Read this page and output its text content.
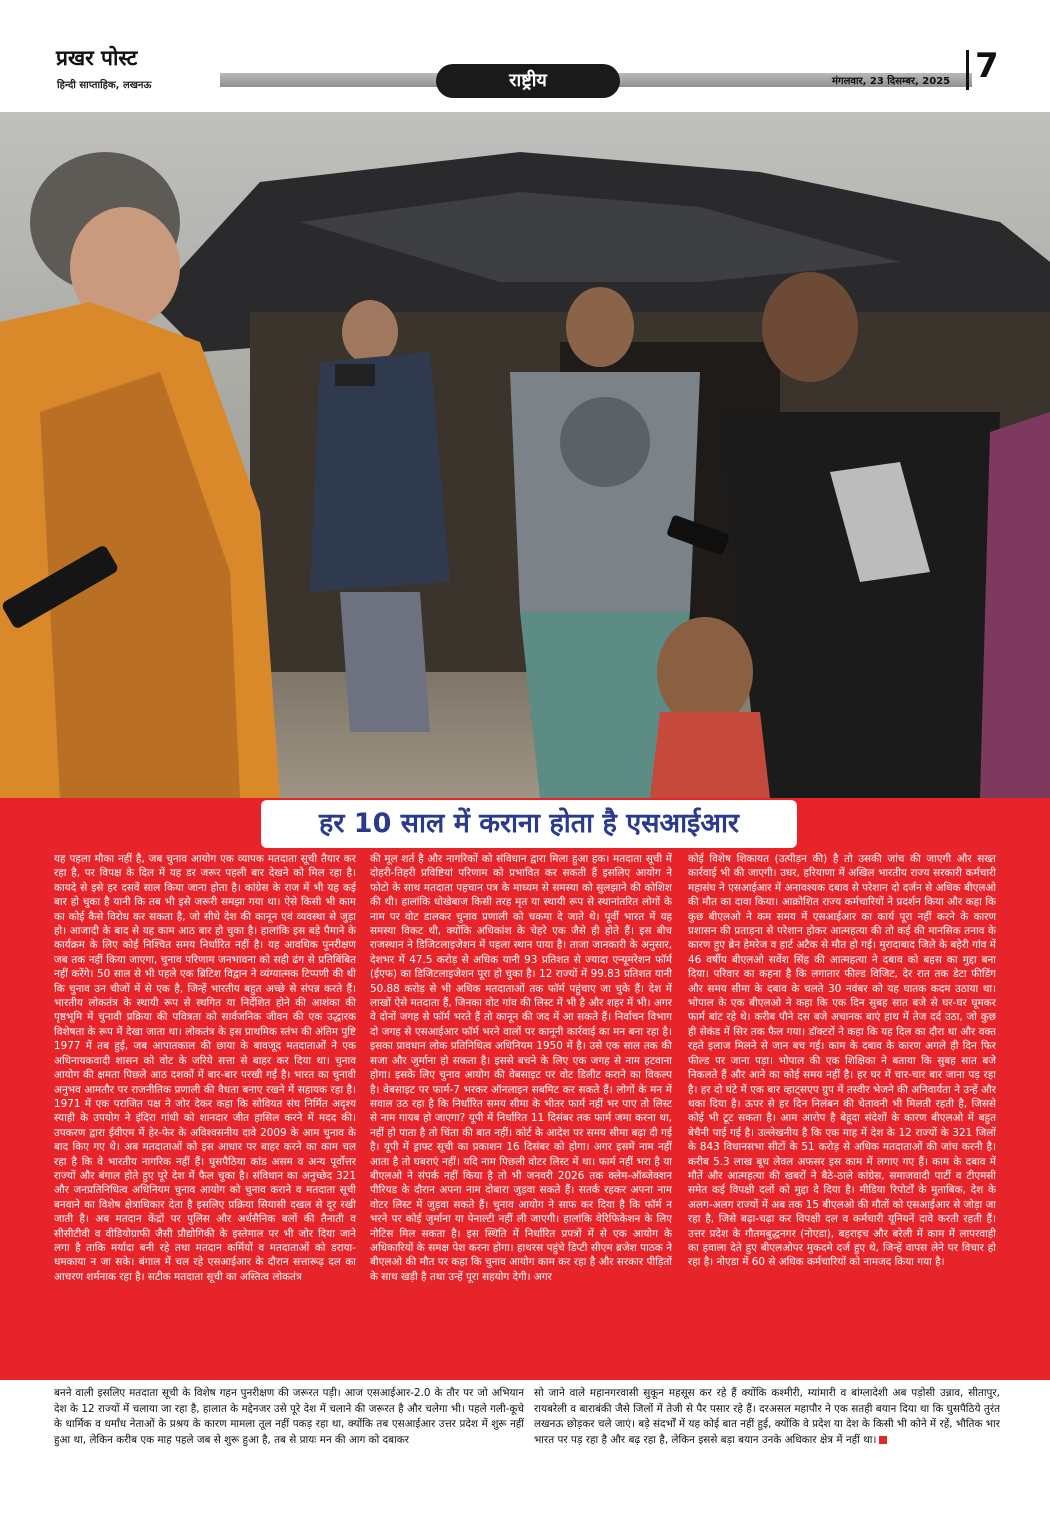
प्रखर पोस्ट
हिन्दी साप्ताहिक, लखनऊ	राष्ट्रीय	मंगलवार, 23 दिसम्बर, 2025 7
हर 10 साल में कराना होता है एसआईआर
यह पहला मौका नहीं है, जब चुनाव आयोग एक व्यापक मतदाता सूची तैयार कर रहा है, पर विपक्ष के दिल में यह डर जरूर पहली बार देखने को मिल रहा है। कायदे से इसे हर दसवें साल किया जाना होता है। कांग्रेस के राज में भी यह कई बार हो चुका है यानी कि तब भी इसे जरूरी समझा गया था। ऐसे किसी भी काम का कोई कैसे विरोध कर सकता है, जो सीधे देश की कानून एवं व्यवस्था से जुड़ा हो। आजादी के बाद से यह काम आठ बार हो चुका है। हालांकि इस बड़े पैमाने के कार्यक्रम के लिए कोई निश्चित समय निर्धारित नहीं है। यह आवधिक पुनरीक्षण जब तक नहीं किया जाएगा, चुनाव परिणाम जनभावना को सही ढंग से प्रतिबिंबित नहीं करेंगे। 50 साल से भी पहले एक ब्रिटिश विद्वान ने व्यंग्यात्मक टिप्पणी की थी कि चुनाव उन चीजों में से एक है, जिन्हें भारतीय बहुत अच्छे से संपन्न करते हैं। भारतीय लोकतंत्र के स्थायी रूप से स्थगित या निर्देशित होने की आशंका की पृष्ठभूमि में चुनावी प्रक्रिया की पवित्रता को सार्वजनिक जीवन की एक उद्धारक विशेषता के रूप में देखा जाता था। लोकतंत्र के इस प्राथमिक स्तंभ की अंतिम पुष्टि 1977 में तब हुई, जब आपातकाल की छाया के बावजूद मतदाताओं ने एक अधिनायकवादी शासन को वोट के जरिये सत्ता से बाहर कर दिया था। चुनाव आयोग की क्षमता पिछले आठ दशकों में बार-बार परखी गई है। भारत का चुनावी अनुभव आमतौर पर राजनीतिक प्रणाली की वैधता बनाए रखने में सहायक रहा है। 1971 में एक पराजित पक्ष ने जोर देकर कहा कि सोवियत संघ निर्मित अदृश्य स्याही के उपयोग ने इंदिरा गांधी को शानदार जीत हासिल करने में मदद की। उपकरण द्वारा ईवीएम में हेर-फेर के अविश्वसनीय दावे 2009 के आम चुनाव के बाद किए गए थे। अब मतदाताओं को इस आधार पर बाहर करने का काम चल रहा है कि वे भारतीय नागरिक नहीं हैं। घुसपैठिया कांड असम व अन्य पूर्वोत्तर राज्यों और बंगाल होते हुए पूरे देश में फैल चुका है। संविधान का अनुच्छेद 321 और जनप्रतिनिधित्व अधिनियम चुनाव आयोग को चुनाव कराने व मतदाता सूची बनवाने का विशेष क्षेत्राधिकार देता है इसलिए प्रक्रिया सियासी दखल से दूर रखी जाती है। अब मतदान केंद्रों पर पुलिस और अर्धसैनिक बलों की तैनाती व सीसीटीवी व वीडियोग्राफी जैसी प्रौद्योगिकी के इस्तेमाल पर भी जोर दिया जाने लगा है ताकि मर्यादा बनी रहे तथा मतदान कर्मियों व मतदाताओं को डराया-धमकाया न जा सके। बंगाल में चल रहे एसआईआर के दौरान सत्तारूढ़ दल का आचरण शर्मनाक रहा है। सटीक मतदाता सूची का अस्तित्व लोकतंत्र
की मूल शर्त है और नागरिकों को संविधान द्वारा मिला हुआ हक। मतदाता सूची में दोहरी-तिहरी प्रविष्टियां परिणाम को प्रभावित कर सकती हैं इसलिए आयोग ने फोटो के साथ मतदाता पहचान पत्र के माध्यम से समस्या को सुलझाने की कोशिश की थी। हालांकि धोखेबाज किसी तरह मृत या स्थायी रूप से स्थानांतरित लोगों के नाम पर वोट डालकर चुनाव प्रणाली को चकमा दे जाते थे। पूर्वी भारत में यह समस्या विकट थी, क्योंकि अधिकांश के चेहरे एक जैसे ही होते हैं। इस बीच राजस्थान ने डिजिटलाइजेशन में पहला स्थान पाया है। ताजा जानकारी के अनुसार, देशभर में 47.5 करोड़ से अधिक यानी 93 प्रतिशत से ज्यादा एन्यूमरेशन फॉर्म (ईएफ) का डिजिटलाइजेशन पूरा हो चुका है। 12 राज्यों में 99.83 प्रतिशत यानी 50.88 करोड़ से भी अधिक मतदाताओं तक फॉर्म पहुंचाए जा चुके हैं। देश में लाखों ऐसे मतदाता हैं, जिनका वोट गांव की लिस्ट में भी है और शहर में भी। अगर वे दोनों जगह से फॉर्म भरते हैं तो कानून की जद में आ सकते हैं। निर्वाचन विभाग दो जगह से एसआईआर फॉर्म भरने वालों पर कानूनी कार्रवाई का मन बना रहा है। इसका प्रावधान लोक प्रतिनिधित्व अधिनियम 1950 में है। उसे एक साल तक की सजा और जुर्माना हो सकता है। इससे बचने के लिए एक जगह से नाम हटवाना होगा। इसके लिए चुनाव आयोग की वेबसाइट पर वोट डिलीट कराने का विकल्प है। वेबसाइट पर फार्म-7 भरकर ऑनलाइन सबमिट कर सकते हैं। लोगों के मन में सवाल उठ रहा है कि निर्धारित समय सीमा के भीतर फार्म नहीं भर पाए तो लिस्ट से नाम गायब हो जाएगा? यूपी में निर्धारित 11 दिसंबर तक फार्म जमा करना था, नहीं हो पाता है तो चिंता की बात नहीं। कोर्ट के आदेश पर समय सीमा बढ़ा दी गई है। यूपी में ड्राफ्ट सूची का प्रकाशन 16 दिसंबर को होगा। अगर इसमें नाम नहीं आता है तो घबराएं नहीं। यदि नाम पिछली वोटर लिस्ट में था। फार्म नहीं भरा है या बीएलओ ने संपर्क नहीं किया है तो भी जनवरी 2026 तक क्लेम-ऑब्जेक्शन पीरियड के दौरान अपना नाम दोबारा जुड़वा सकते हैं। सतर्क रहकर अपना नाम वोटर लिस्ट में जुड़वा सकते हैं। चुनाव आयोग ने साफ कर दिया है कि फॉर्म न भरने पर कोई जुर्माना या पेनाल्टी नहीं ली जाएगी। हालांकि वेरिफिकेशन के लिए नोटिस मिल सकता है। इस स्थिति में निर्धारित प्रपत्रों में से एक आयोग के अधिकारियों के समक्ष पेश करना होगा। हाथरस पहुंचे डिप्टी सीएम ब्रजेश पाठक ने बीएलओ की मौत पर कहा कि चुनाव आयोग काम कर रहा है और सरकार पीड़ितों के साथ खड़ी है तथा उन्हें पूरा सहयोग देगी। अगर
कोई विशेष शिकायत (उत्पीड़न की) है तो उसकी जांच की जाएगी और सख्त कार्रवाई भी की जाएगी। उधर, हरियाणा में अखिल भारतीय राज्य सरकारी कर्मचारी महासंघ ने एसआईआर में अनावश्यक दबाव से परेशान दो दर्जन से अधिक बीएलओ की मौत का दावा किया। आक्रोशित राज्य कर्मचारियों ने प्रदर्शन किया और कहा कि कुछ बीएलओ ने कम समय में एसआईआर का कार्य पूरा नहीं करने के कारण प्रशासन की प्रताड़ना से परेशान होकर आत्महत्या की तो कई की मानसिक तनाव के कारण हुए ब्रेन हेमरेज व हार्ट अटैक से मौत हो गई। मुरादाबाद जिले के बहेरी गांव में 46 वर्षीय बीएलओ सर्वेश सिंह की आत्महत्या ने दबाव को बहस का मुद्दा बना दिया। परिवार का कहना है कि लगातार फील्ड विजिट, देर रात तक डेटा फीडिंग और समय सीमा के दबाव के चलते 30 नवंबर को यह घातक कदम उठाया था। भोपाल के एक बीएलओ ने कहा कि एक दिन सुबह सात बजे से घर-घर घूमकर फार्म बांट रहे थे। करीब पौने दस बजे अचानक बाएं हाथ में तेज दर्द उठा, जो कुछ ही सेकंड में सिर तक फैल गया। डॉक्टरों ने कहा कि यह दिल का दौरा था और वक्त रहते इलाज मिलने से जान बच गई। काम के दबाव के कारण अगले ही दिन फिर फील्ड पर जाना पड़ा। भोपाल की एक शिक्षिका ने बताया कि सुबह सात बजे निकलते हैं और आने का कोई समय नहीं है। हर घर में चार-चार बार जाना पड़ रहा है। हर दो घंटे में एक बार व्हाट्सएप ग्रुप में तस्वीर भेजने की अनिवार्यता ने उन्हें और थका दिया है। ऊपर से हर दिन निलंबन की चेतावनी भी मिलती रहती है, जिससे कोई भी टूट सकता है। आम आरोप है बेहूदा संदेशों के कारण बीएलओ में बहुत बेचैनी पाई गई है। उल्लेखनीय है कि एक माह में देश के 12 राज्यों के 321 जिलों के 843 विधानसभा सीटों के 51 करोड़ से अधिक मतदाताओं की जांच करनी है। करीब 5.3 लाख बूथ लेवल अफसर इस काम में लगाए गए हैं। काम के दबाव में मौतें और आत्महत्या की खबरों ने बैठे-ठाले कांग्रेस, समाजवादी पार्टी व टीएमसी समेत कई विपक्षी दलों को मुद्दा दे दिया है। मीडिया रिपोर्टों के मुताबिक, देश के अलग-अलग राज्यों में अब तक 15 बीएलओ की मौतों को एसआईआर से जोड़ा जा रहा है, जिसे बढ़ा-चढ़ा कर विपक्षी दल व कर्मचारी यूनियनें दावे करती रहती हैं। उत्तर प्रदेश के गौतमबुद्धनगर (नोएडा), बहराइच और बरेली में काम में लापरवाही का हवाला देते हुए बीएलओपर मुकदमे दर्ज हुए थे, जिन्हें वापस लेने पर विचार हो रहा है। नोएडा में 60 से अधिक कर्मचारियों को नामजद किया गया है।
बनने वाली इसलिए मतदाता सूची के विशेष गहन पुनरीक्षण की जरूरत पड़ी। आज एसआईआर-2.0 के तौर पर जो अभियान देश के 12 राज्यों में चलाया जा रहा है, हालात के मद्देनजर उसे पूरे देश में चलाने की जरूरत है और चलेगा भी। पहले गली-कूचे के धार्मिक व धर्मांध नेताओं के प्रश्रय के कारण मामला तूल नहीं पकड़ रहा था, क्योंकि तब एसआईआर उत्तर प्रदेश में शुरू नहीं हुआ था, लेकिन करीब एक माह पहले जब से शुरू हुआ है, तब से प्रायः मन की आग को दबाकर
सो जाने वाले महानगरवासी सुकून महसूस कर रहे हैं क्योंकि कश्मीरी, म्यांमारी व बांग्लादेशी अब पड़ोसी उन्नाव, सीतापुर, रायबरेली व बाराबंकी जैसे जिलों में तेजी से पैर पसार रहे हैं। दरअसल महापौर ने एक सतही बयान दिया था कि घुसपैठिये तुरंत लखनऊ छोड़कर चले जाएं। बड़े संदर्भों में यह कोई बात नहीं हुई, क्योंकि वे प्रदेश या देश के किसी भी कोने में रहें, भौतिक भार भारत पर पड़ रहा है और बढ़ रहा है, लेकिन इससे बड़ा बयान उनके अधिकार क्षेत्र में नहीं था।
